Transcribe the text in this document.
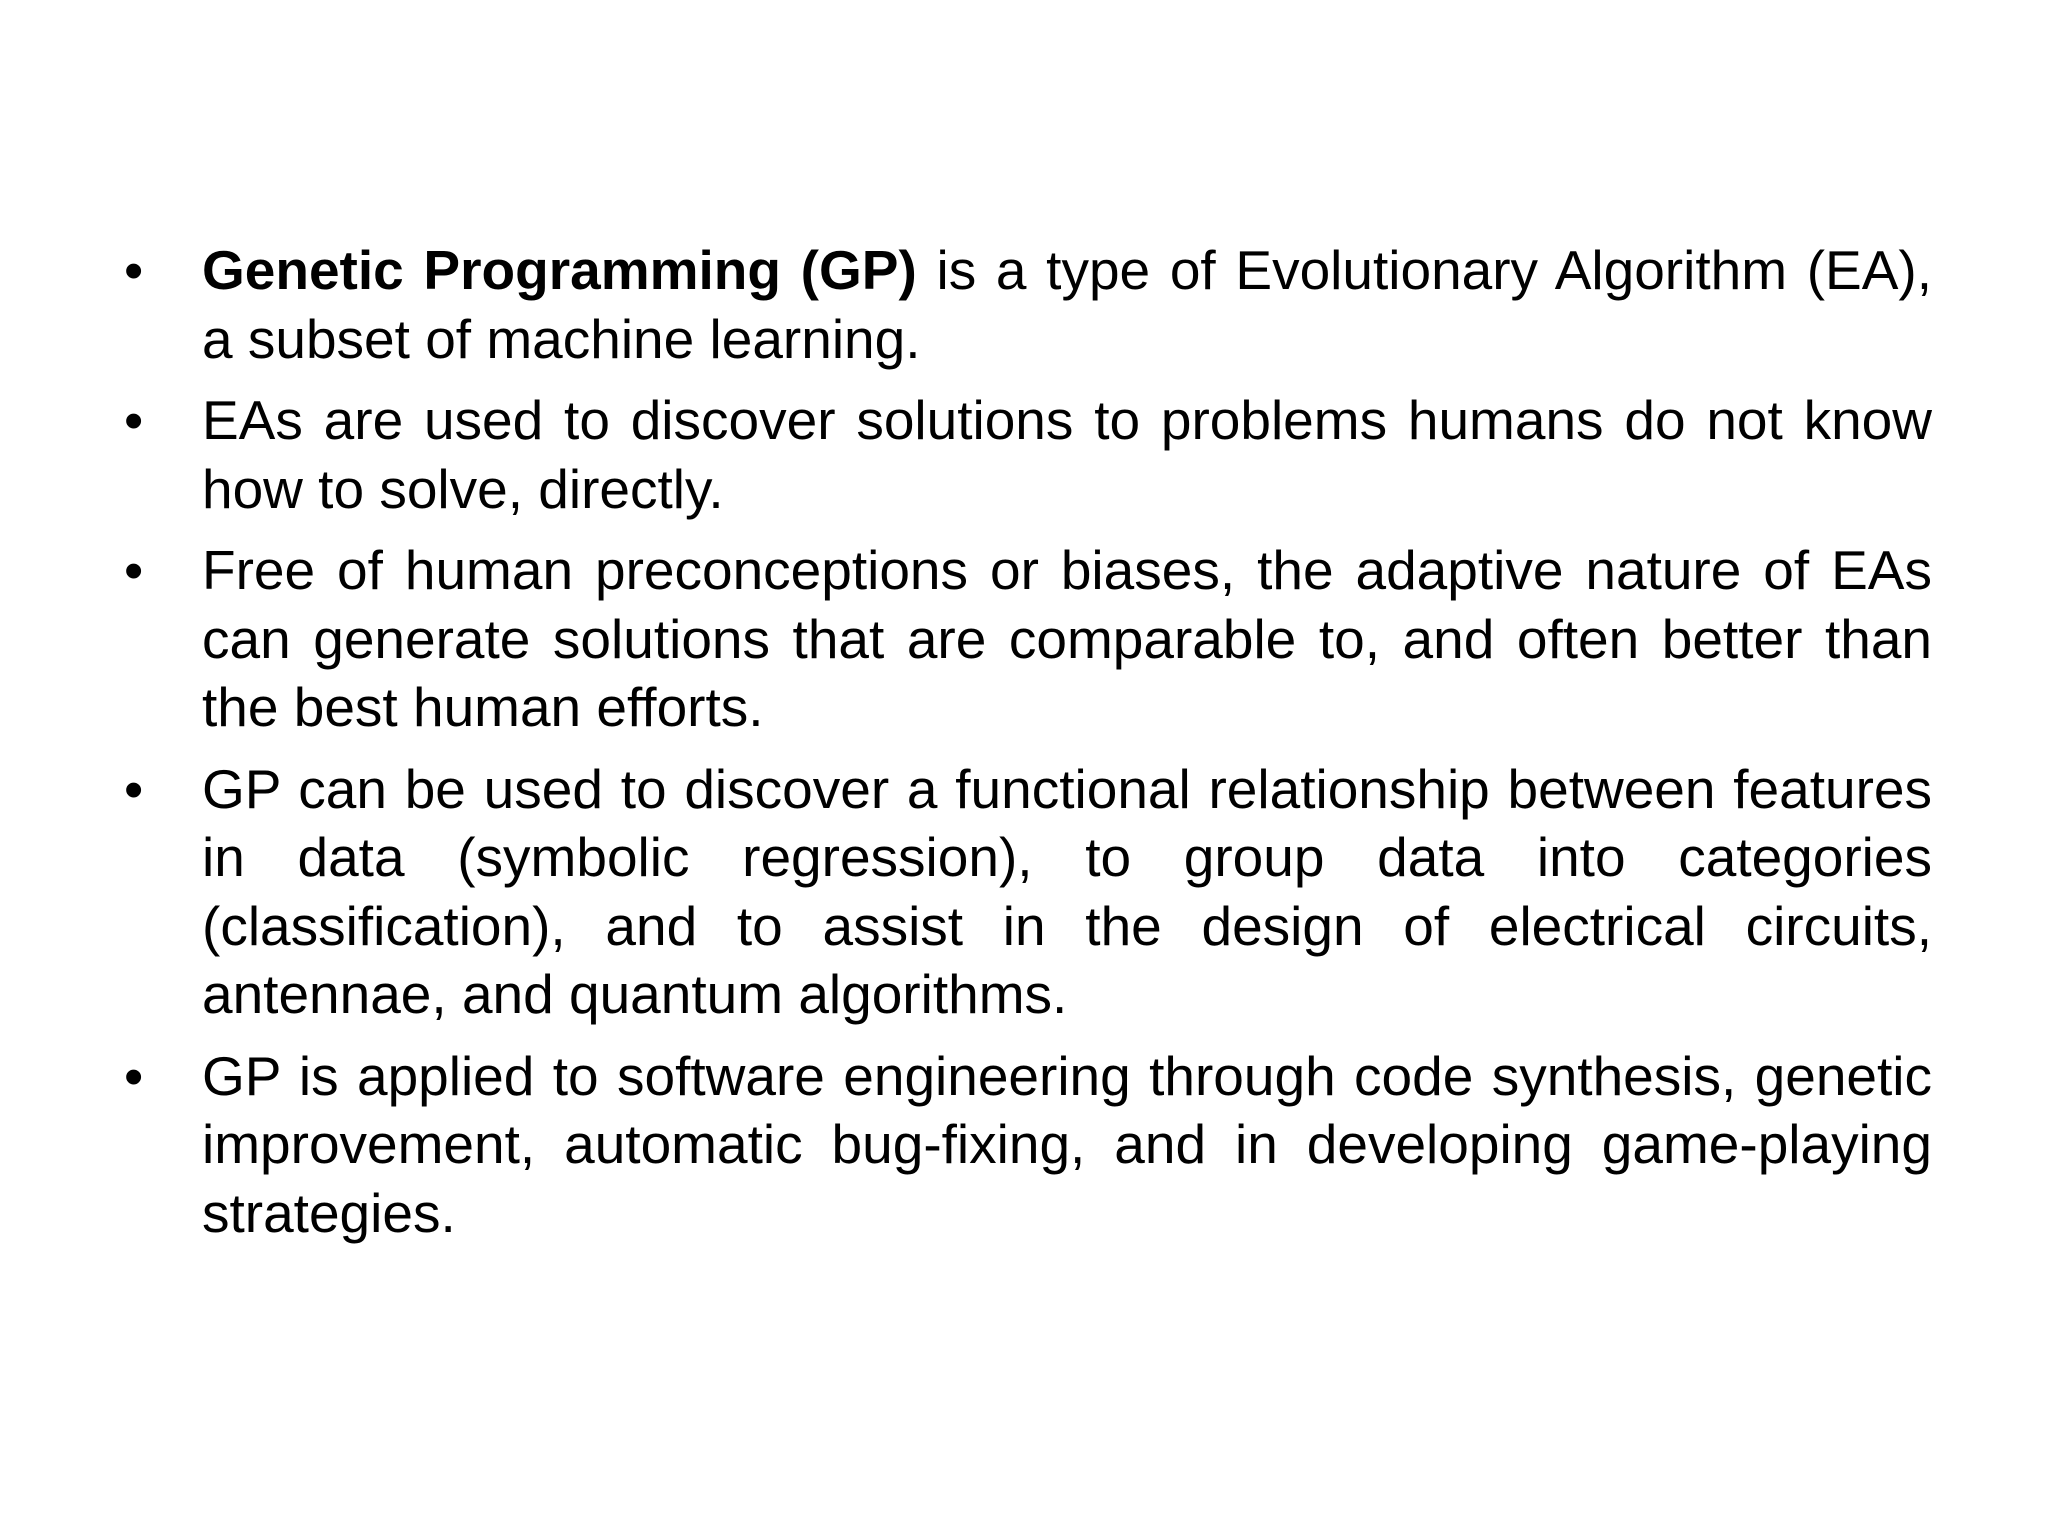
• Genetic Programming (GP) is a type of Evolutionary Algorithm (EA), a subset of machine learning.
• EAs are used to discover solutions to problems humans do not know how to solve, directly.
• Free of human preconceptions or biases, the adaptive nature of EAs can generate solutions that are comparable to, and often better than the best human efforts.
• GP can be used to discover a functional relationship between features in data (symbolic regression), to group data into categories (classification), and to assist in the design of electrical circuits, antennae, and quantum algorithms.
• GP is applied to software engineering through code synthesis, genetic improvement, automatic bug-fixing, and in developing game-playing strategies.
